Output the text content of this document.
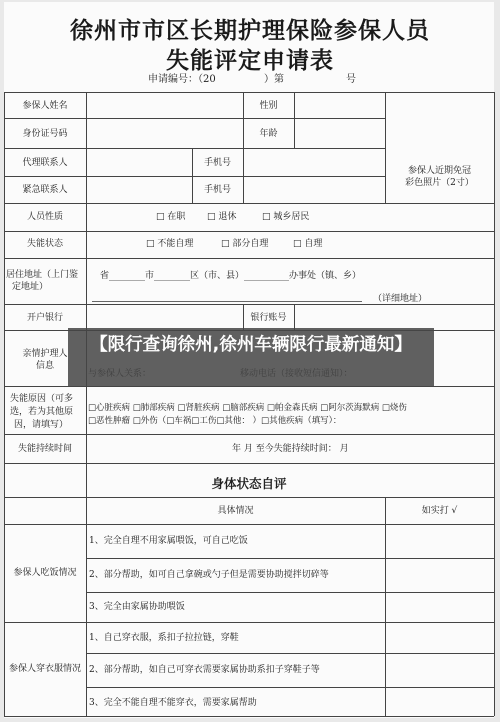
徐州市市区长期护理保险参保人员
失能评定申请表
申请编号：（20	）第	号
参保人姓名	性别
身份证号码	年龄
代理联系人	手机号
紧急联系人	手机号
参保人近期免冠
彩色照片（2寸）
人员性质	□ 在职 □ 退休	□ 城乡居民
失能状态	□ 不能自理	□ 部分自理	□ 自理
居住地址（上门鉴
定地址）
省________市________区（市、县）__________办事处（镇、乡）
（详细地址）
开户银行	银行账号
亲情护理人
信息
失能原因（可多
选，若为其他原
因，请填写）
□心脏疾病 □肺部疾病 □肾脏疾病 □脑部疾病 □帕金森氏病 □阿尔茨海默病 □烧伤
□恶性肿瘤 □外伤（□车祸□工伤□其他： ）□其他疾病（填写）：
失能持续时间	年 月 至今失能持续时间： 月
身体状态自评
具体情况	如实打 √
参保人吃饭情况
1、完全自理不用家属喂饭，可自己吃饭
2、部分帮助，如可自己拿碗或勺子但是需要协助搅拌切碎等
3、完全由家属协助喂饭
参保人穿衣服情况
1、自己穿衣服，系扣子拉拉链，穿鞋
2、部分帮助，如自己可穿衣需要家属协助系扣子穿鞋子等
3、完全不能自理不能穿衣，需要家属帮助
【限行查询徐州,徐州车辆限行最新通知】
